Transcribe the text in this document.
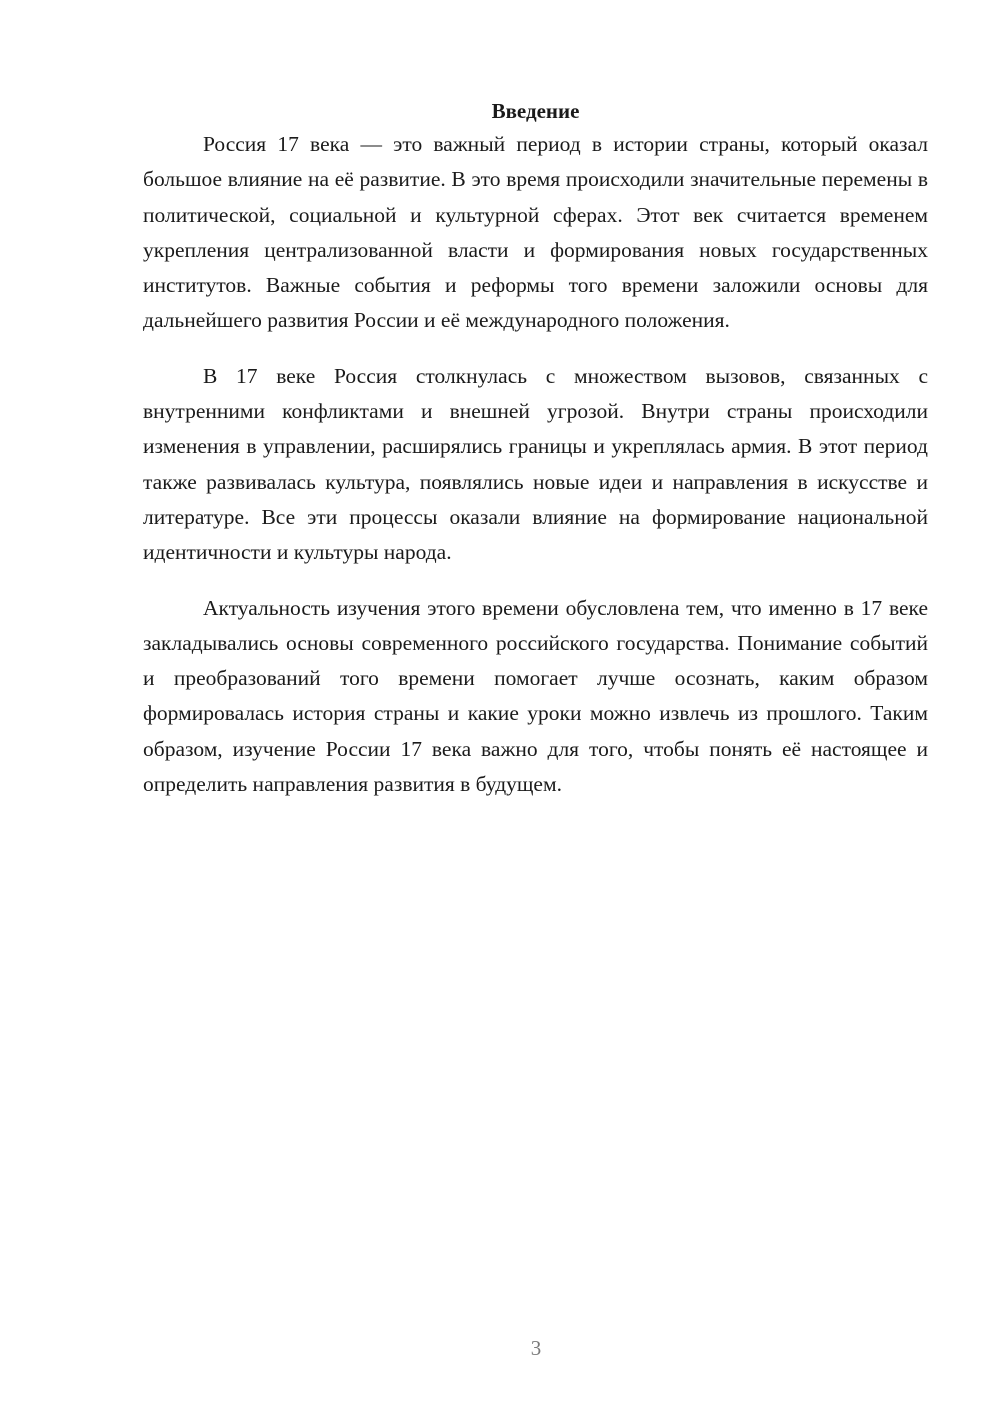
Введение

Россия 17 века — это важный период в истории страны, который оказал большое влияние на её развитие. В это время происходили значительные перемены в политической, социальной и культурной сферах. Этот век считается временем укрепления централизованной власти и формирования новых государственных институтов. Важные события и реформы того времени заложили основы для дальнейшего развития России и её международного положения.

В 17 веке Россия столкнулась с множеством вызовов, связанных с внутренними конфликтами и внешней угрозой. Внутри страны происходили изменения в управлении, расширялись границы и укреплялась армия. В этот период также развивалась культура, появлялись новые идеи и направления в искусстве и литературе. Все эти процессы оказали влияние на формирование национальной идентичности и культуры народа.

Актуальность изучения этого времени обусловлена тем, что именно в 17 веке закладывались основы современного российского государства. Понимание событий и преобразований того времени помогает лучше осознать, каким образом формировалась история страны и какие уроки можно извлечь из прошлого. Таким образом, изучение России 17 века важно для того, чтобы понять её настоящее и определить направления развития в будущем.

3
